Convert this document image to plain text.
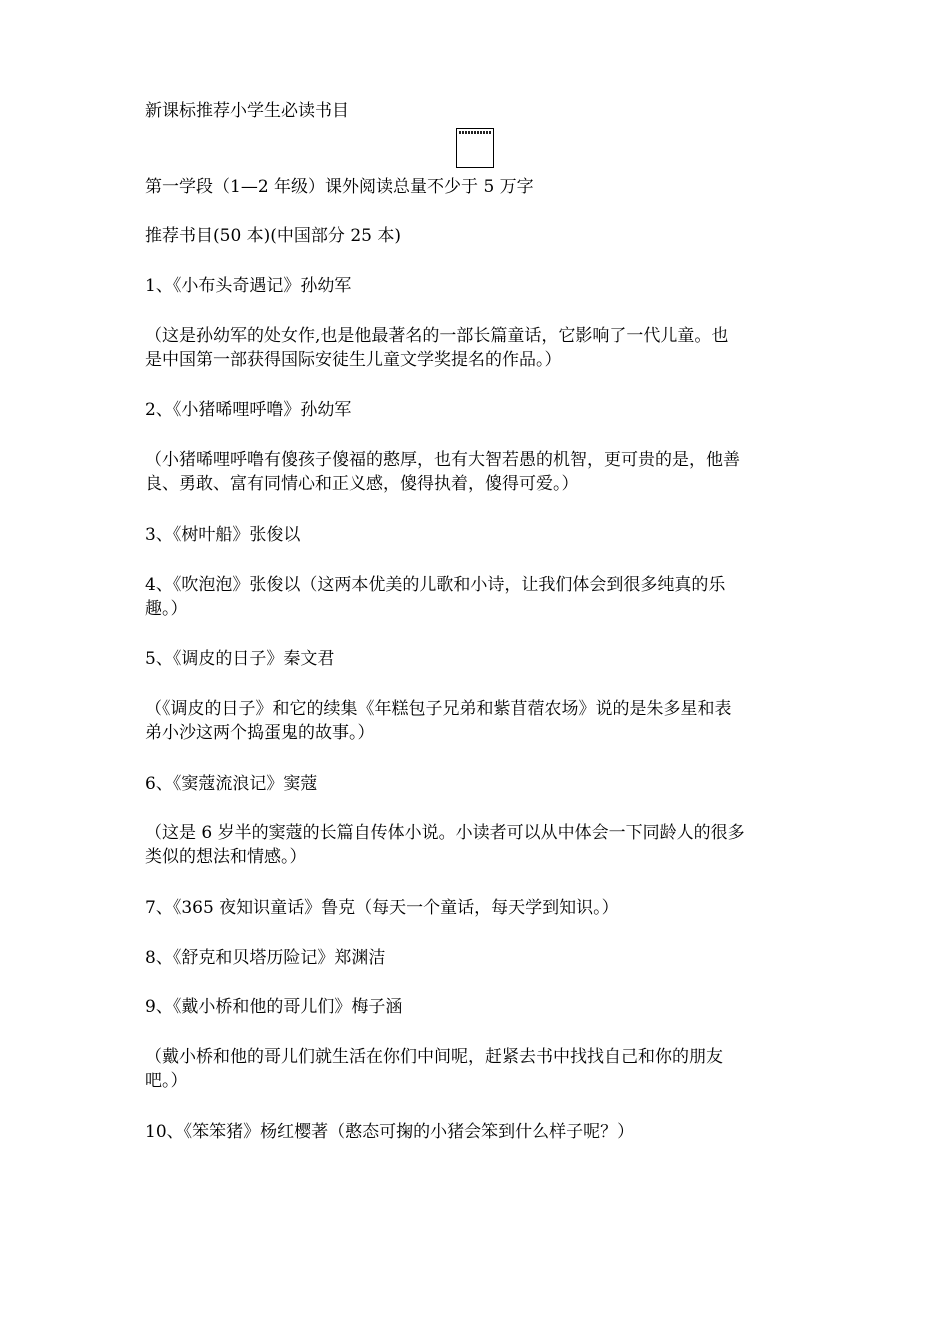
新课标推荐小学生必读书目
第一学段（1—2 年级）课外阅读总量不少于 5 万字
推荐书目(50 本)(中国部分 25 本)
1、《小布头奇遇记》孙幼军
（这是孙幼军的处女作,也是他最著名的一部长篇童话，它影响了一代儿童。也
是中国第一部获得国际安徒生儿童文学奖提名的作品。）
2、《小猪唏哩呼噜》孙幼军
（小猪唏哩呼噜有傻孩子傻福的憨厚，也有大智若愚的机智，更可贵的是，他善
良、勇敢、富有同情心和正义感，傻得执着，傻得可爱。）
3、《树叶船》张俊以
4、《吹泡泡》张俊以（这两本优美的儿歌和小诗，让我们体会到很多纯真的乐
趣。）
5、《调皮的日子》秦文君
（《调皮的日子》和它的续集《年糕包子兄弟和紫苜蓿农场》说的是朱多星和表
弟小沙这两个捣蛋鬼的故事。）
6、《窦蔻流浪记》窦蔻
（这是 6 岁半的窦蔻的长篇自传体小说。小读者可以从中体会一下同龄人的很多
类似的想法和情感。）
7、《365 夜知识童话》鲁克（每天一个童话，每天学到知识。）
8、《舒克和贝塔历险记》郑渊洁
9、《戴小桥和他的哥儿们》梅子涵
（戴小桥和他的哥儿们就生活在你们中间呢，赶紧去书中找找自己和你的朋友
吧。）
10、《笨笨猪》杨红樱著（憨态可掬的小猪会笨到什么样子呢？）
